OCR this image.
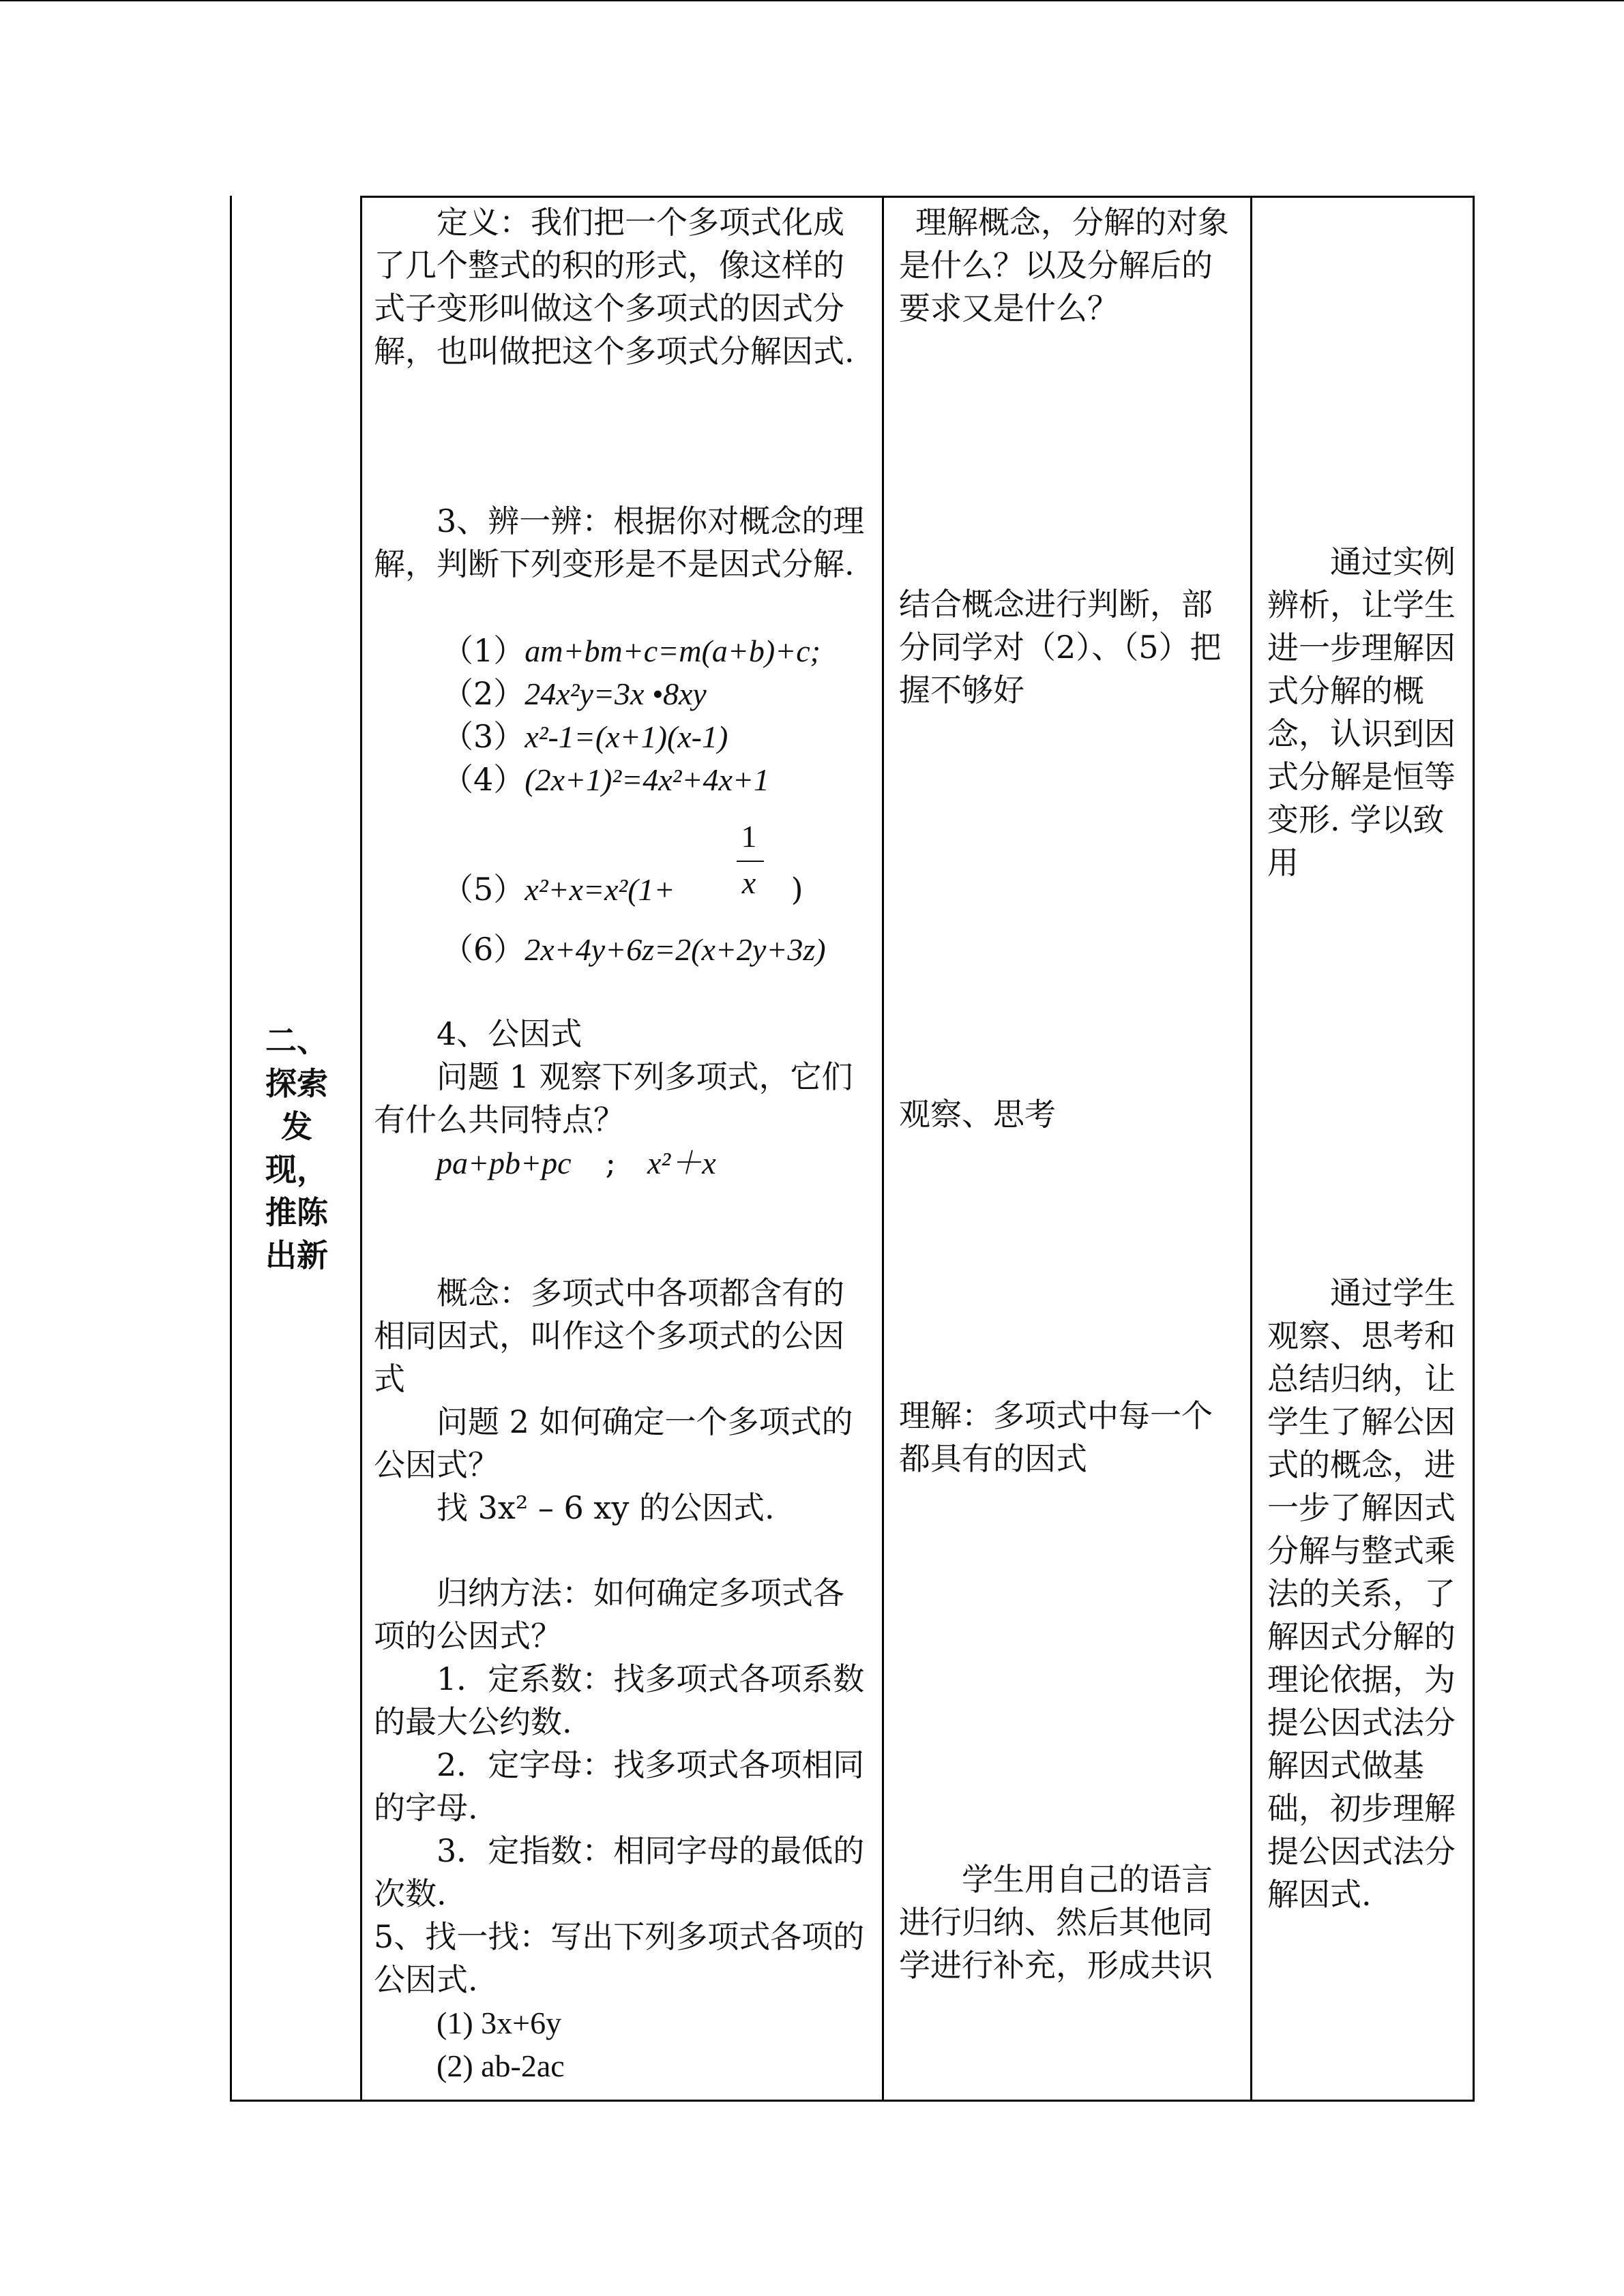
二、
探索
发
现，
推陈
出新

定义：我们把一个多项式化成了几个整式的积的形式，像这样的式子变形叫做这个多项式的因式分解，也叫做把这个多项式分解因式.

3、辨一辨：根据你对概念的理解，判断下列变形是不是因式分解.

（1）am+bm+c=m(a+b)+c;

（2）24x²y=3x •8xy

（3）x²-1=(x+1)(x-1)

（4）(2x+1)²=4x²+4x+1

1
x

（5）x²+x=x²(1+	)

（6）2x+4y+6z=2(x+2y+3z)

4、公因式

问题 1 观察下列多项式，它们有什么共同特点？

pa+pb+pc ; x²＋x

概念：多项式中各项都含有的相同因式，叫作这个多项式的公因式

问题 2 如何确定一个多项式的公因式？

找 3x² – 6 xy 的公因式.

归纳方法：如何确定多项式各项的公因式？

1．定系数：找多项式各项系数的最大公约数.

2．定字母：找多项式各项相同的字母.

3．定指数：相同字母的最低的次数.

5、找一找：写出下列多项式各项的公因式.

(1) 3x+6y

(2) ab-2ac

理解概念，分解的对象是什么？以及分解后的要求又是什么？

结合概念进行判断，部分同学对（2）、（5）把握不够好

观察、思考

理解：多项式中每一个都具有的因式

学生用自己的语言进行归纳、然后其他同学进行补充，形成共识

通过实例辨析，让学生进一步理解因式分解的概念，认识到因式分解是恒等变形. 学以致用

通过学生观察、思考和总结归纳，让学生了解公因式的概念，进一步了解因式分解与整式乘法的关系，了解因式分解的理论依据，为提公因式法分解因式做基础，初步理解提公因式法分解因式.
